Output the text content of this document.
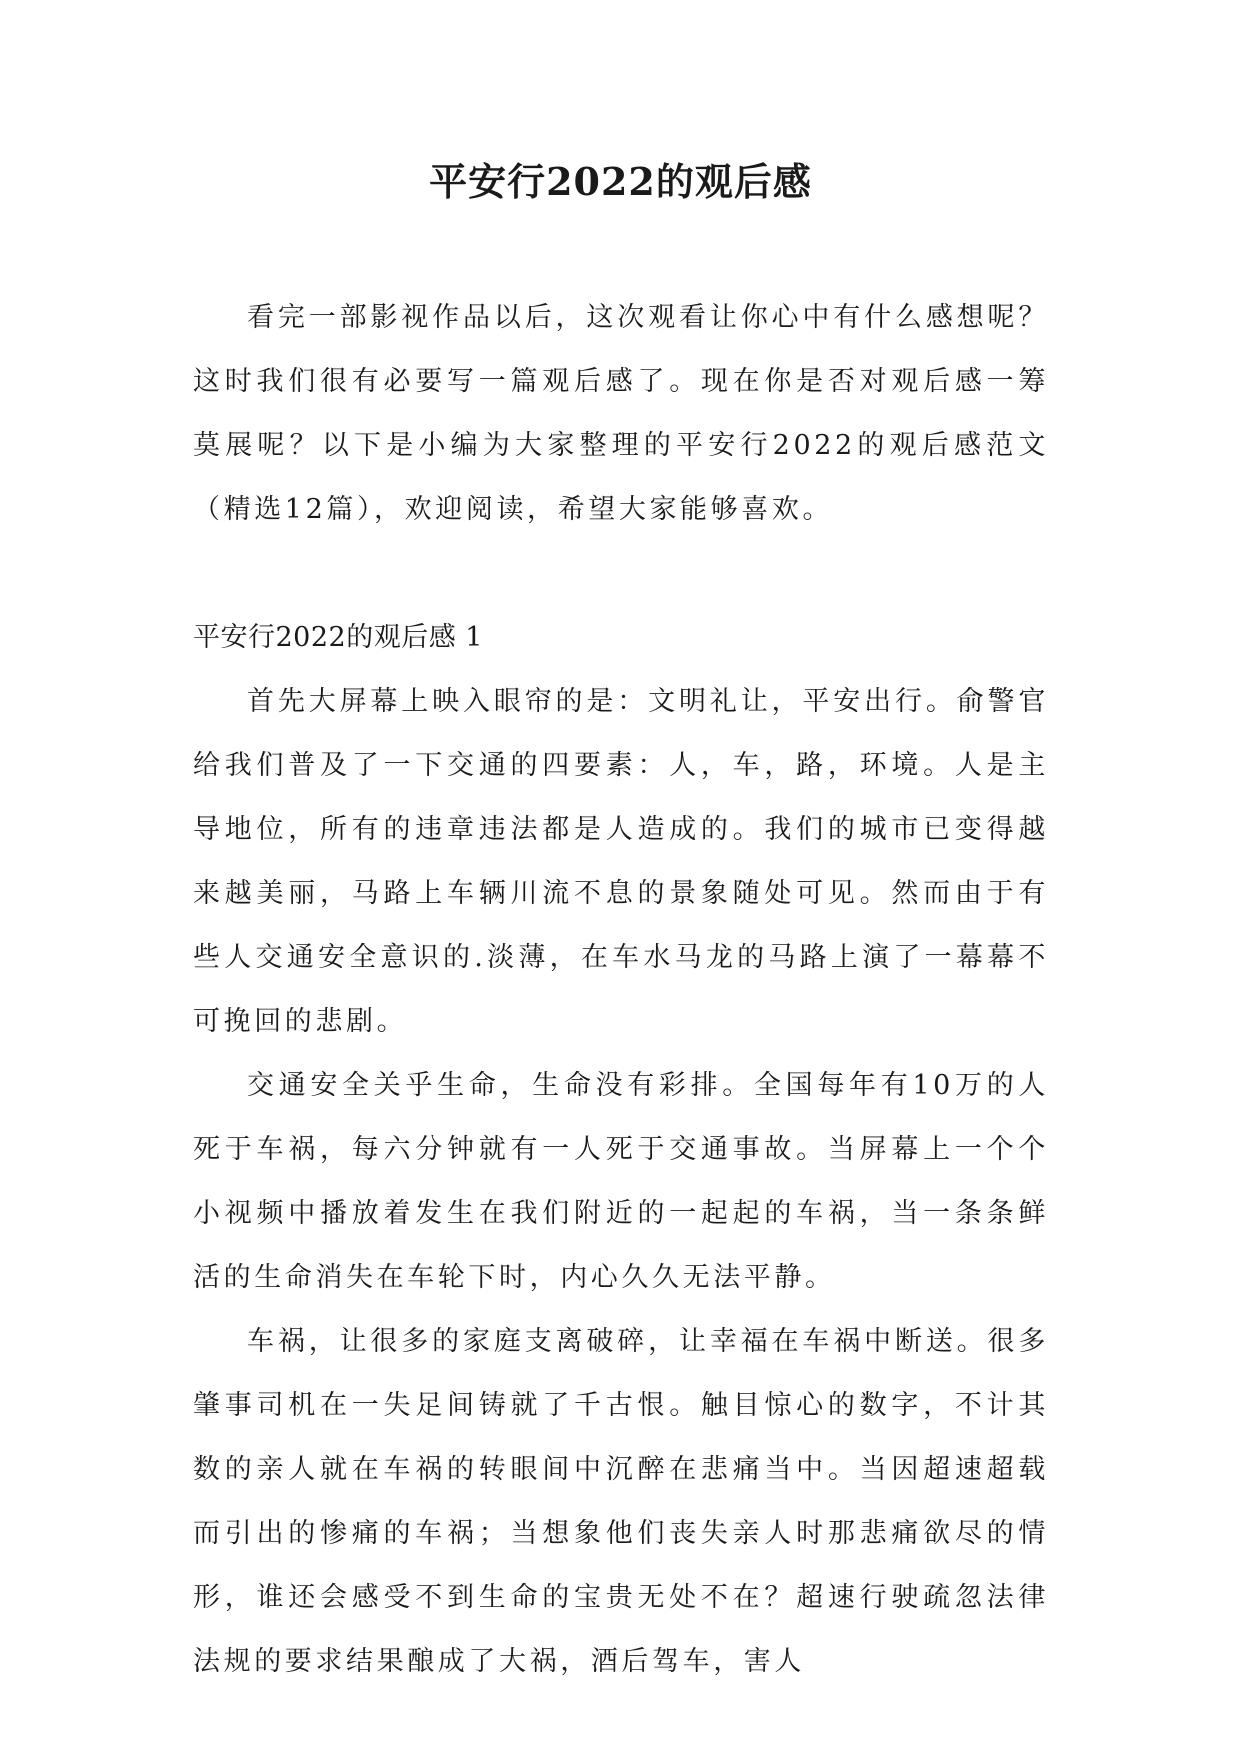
平安行2022的观后感

看完一部影视作品以后，这次观看让你心中有什么感想呢？这时我们很有必要写一篇观后感了。现在你是否对观后感一筹莫展呢？以下是小编为大家整理的平安行2022的观后感范文（精选12篇），欢迎阅读，希望大家能够喜欢。

平安行2022的观后感 1

首先大屏幕上映入眼帘的是：文明礼让，平安出行。俞警官给我们普及了一下交通的四要素：人，车，路，环境。人是主导地位，所有的违章违法都是人造成的。我们的城市已变得越来越美丽，马路上车辆川流不息的景象随处可见。然而由于有些人交通安全意识的.淡薄，在车水马龙的马路上演了一幕幕不可挽回的悲剧。

交通安全关乎生命，生命没有彩排。全国每年有10万的人死于车祸，每六分钟就有一人死于交通事故。当屏幕上一个个小视频中播放着发生在我们附近的一起起的车祸，当一条条鲜活的生命消失在车轮下时，内心久久无法平静。

车祸，让很多的家庭支离破碎，让幸福在车祸中断送。很多肇事司机在一失足间铸就了千古恨。触目惊心的数字，不计其数的亲人就在车祸的转眼间中沉醉在悲痛当中。当因超速超载而引出的惨痛的车祸；当想象他们丧失亲人时那悲痛欲尽的情形，谁还会感受不到生命的宝贵无处不在？超速行驶疏忽法律法规的要求结果酿成了大祸，酒后驾车，害人
